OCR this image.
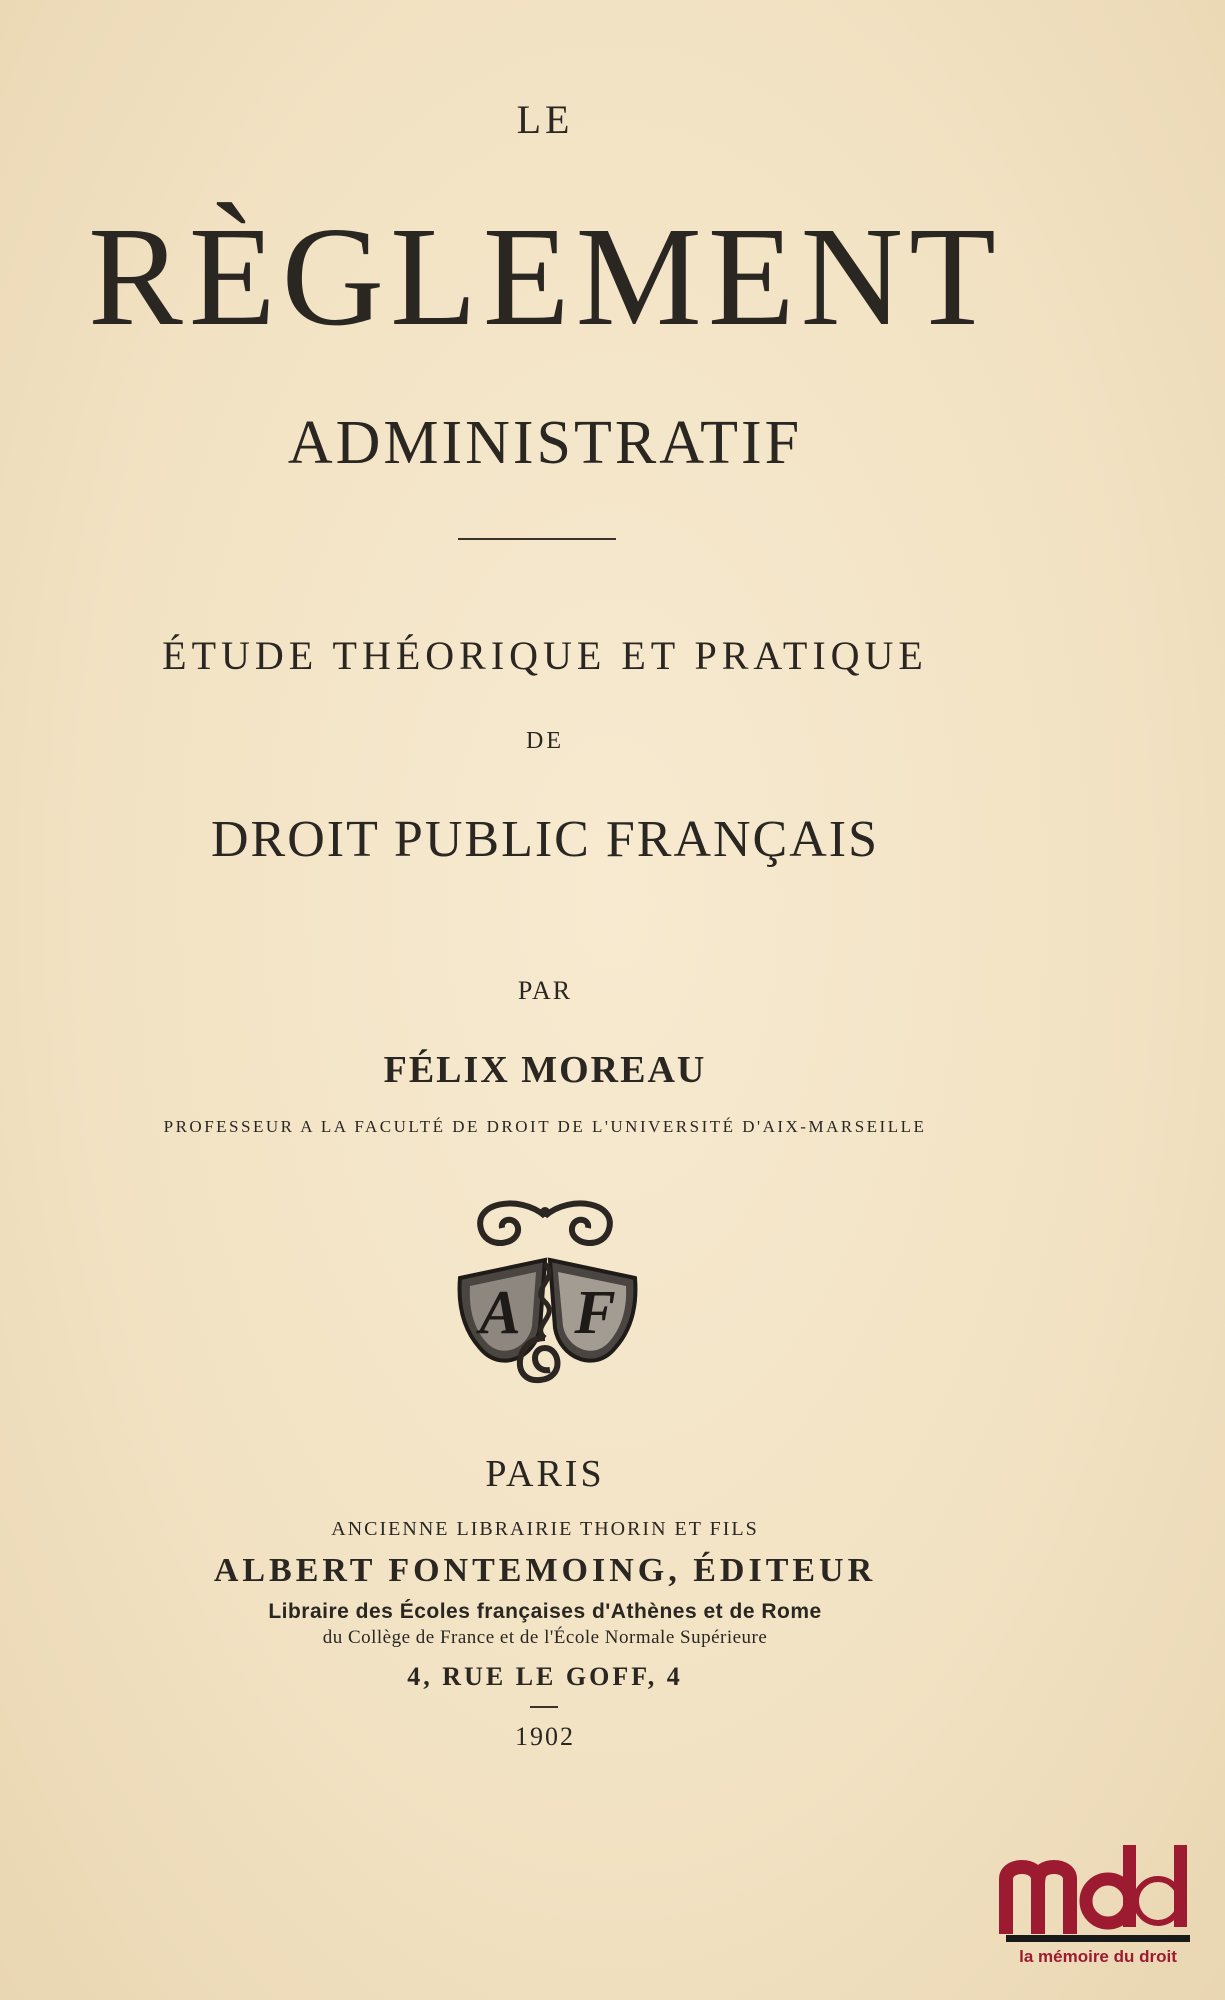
LE
RÈGLEMENT
ADMINISTRATIF
ÉTUDE THÉORIQUE ET PRATIQUE
DE
DROIT PUBLIC FRANÇAIS
PAR
FÉLIX MOREAU
PROFESSEUR A LA FACULTÉ DE DROIT DE L'UNIVERSITÉ D'AIX-MARSEILLE
A F
PARIS
ANCIENNE LIBRAIRIE THORIN ET FILS
ALBERT FONTEMOING, ÉDITEUR
Libraire des Écoles françaises d'Athènes et de Rome
du Collège de France et de l'École Normale Supérieure
4, RUE LE GOFF, 4
1902
la mémoire du droit
